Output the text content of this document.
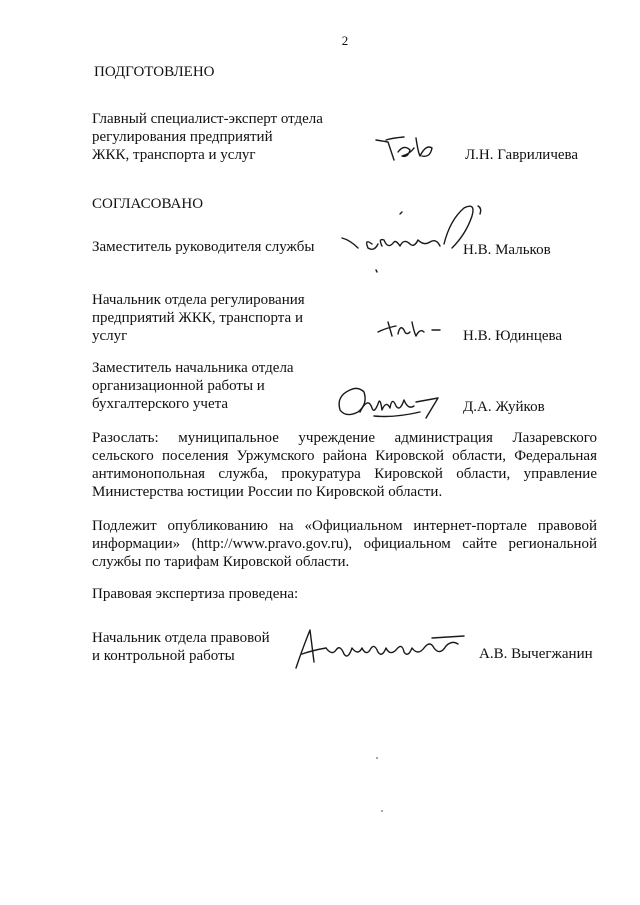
2
ПОДГОТОВЛЕНО
Главный специалист-эксперт отдела
регулирования предприятий
ЖКК, транспорта и услуг	Л.Н. Гавриличева
СОГЛАСОВАНО
Заместитель руководителя службы	Н.В. Мальков
Начальник отдела регулирования
предприятий ЖКК, транспорта и
услуг	Н.В. Юдинцева
Заместитель начальника отдела
организационной работы и
бухгалтерского учета	Д.А. Жуйков
Разослать: муниципальное учреждение администрация Лазаревского сельского поселения Уржумского района Кировской области, Федеральная антимонопольная служба, прокуратура Кировской области, управление Министерства юстиции России по Кировской области.
Подлежит опубликованию на «Официальном интернет-портале правовой информации» (http://www.pravo.gov.ru), официальном сайте региональной службы по тарифам Кировской области.
Правовая экспертиза проведена:
Начальник отдела правовой
и контрольной работы	А.В. Вычегжанин
